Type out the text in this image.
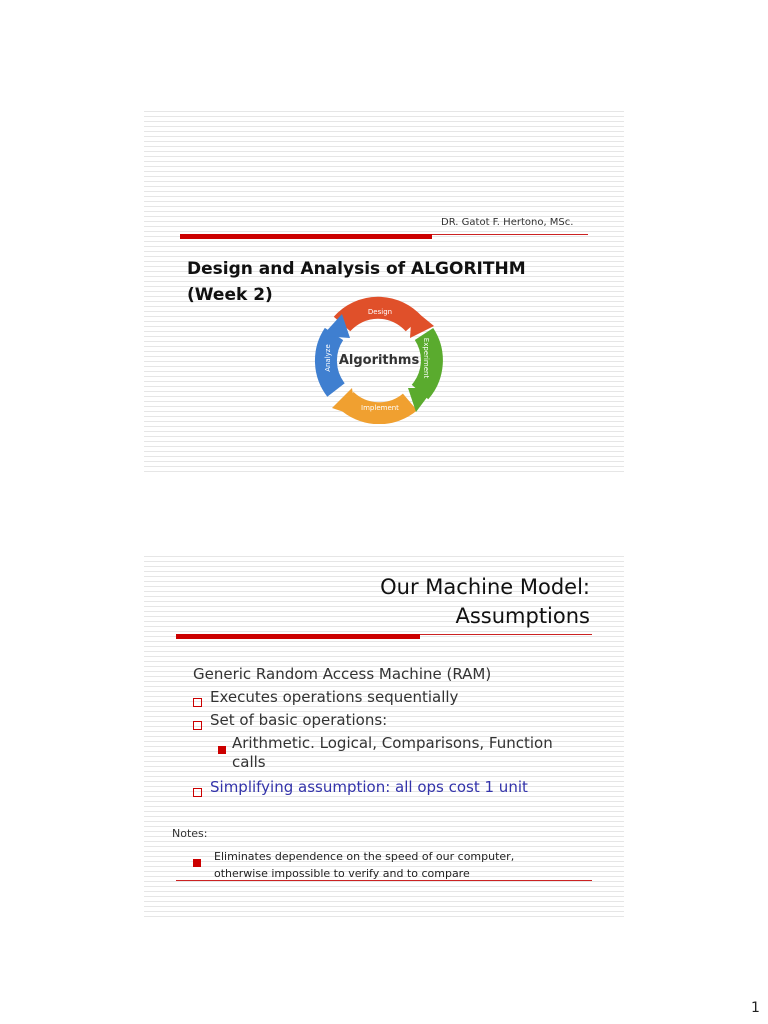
DR. Gatot F. Hertono, MSc.
Design and Analysis of ALGORITHM
(Week 2)
Design
Experiment
Implement
Analyze Algorithms
Our Machine Model:
Assumptions
Generic Random Access Machine (RAM)
Executes operations sequentially
Set of basic operations:
Arithmetic. Logical, Comparisons, Function
calls
Simplifying assumption: all ops cost 1 unit
Notes:
Eliminates dependence on the speed of our computer,
otherwise impossible to verify and to compare
1
